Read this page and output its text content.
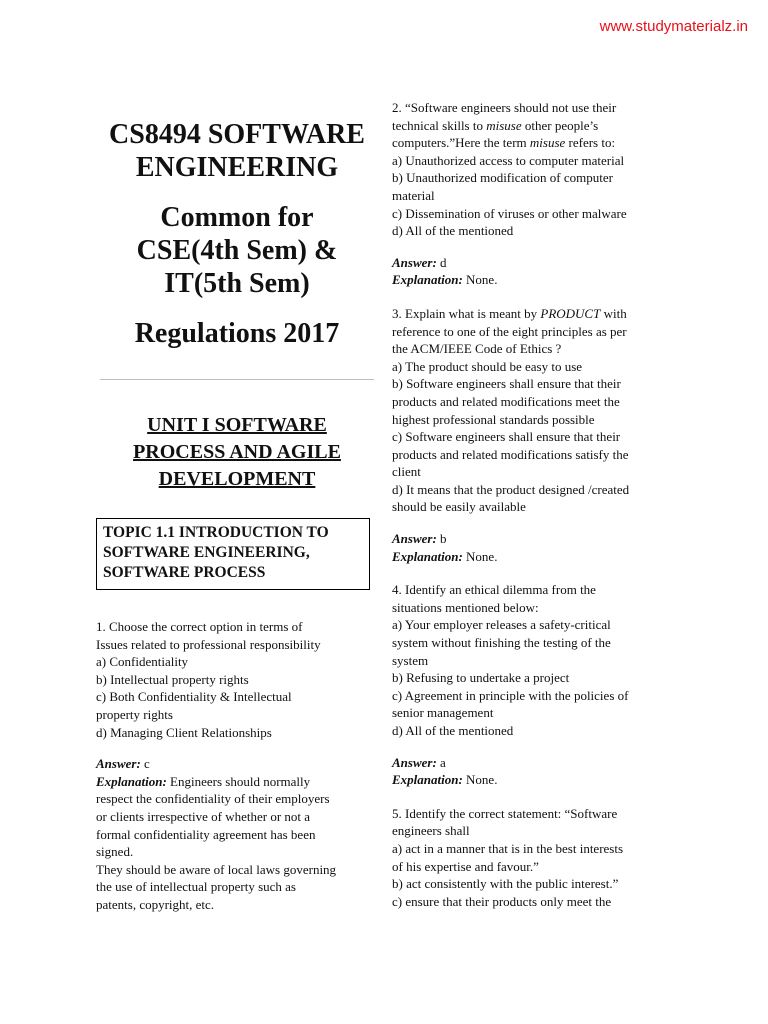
www.studymaterialz.in

CS8494 SOFTWARE
ENGINEERING

Common for
CSE(4th Sem) &
IT(5th Sem)

Regulations 2017

UNIT I SOFTWARE
PROCESS AND AGILE
DEVELOPMENT

TOPIC 1.1 INTRODUCTION TO
SOFTWARE ENGINEERING,
SOFTWARE PROCESS
1. Choose the correct option in terms of
Issues related to professional responsibility
a) Confidentiality
b) Intellectual property rights
c) Both Confidentiality & Intellectual
property rights
d) Managing Client Relationships
Answer: c
Explanation: Engineers should normally
respect the confidentiality of their employers
or clients irrespective of whether or not a
formal confidentiality agreement has been
signed.
They should be aware of local laws governing
the use of intellectual property such as
patents, copyright, etc.
2. “Software engineers should not use their
technical skills to misuse other people’s
computers.”Here the term misuse refers to:
a) Unauthorized access to computer material
b) Unauthorized modification of computer
material
c) Dissemination of viruses or other malware
d) All of the mentioned
Answer: d
Explanation: None.
3. Explain what is meant by PRODUCT with
reference to one of the eight principles as per
the ACM/IEEE Code of Ethics ?
a) The product should be easy to use
b) Software engineers shall ensure that their
products and related modifications meet the
highest professional standards possible
c) Software engineers shall ensure that their
products and related modifications satisfy the
client
d) It means that the product designed /created
should be easily available
Answer: b
Explanation: None.
4. Identify an ethical dilemma from the
situations mentioned below:
a) Your employer releases a safety-critical
system without finishing the testing of the
system
b) Refusing to undertake a project
c) Agreement in principle with the policies of
senior management
d) All of the mentioned
Answer: a
Explanation: None.
5. Identify the correct statement: “Software
engineers shall
a) act in a manner that is in the best interests
of his expertise and favour.”
b) act consistently with the public interest.”
c) ensure that their products only meet the
